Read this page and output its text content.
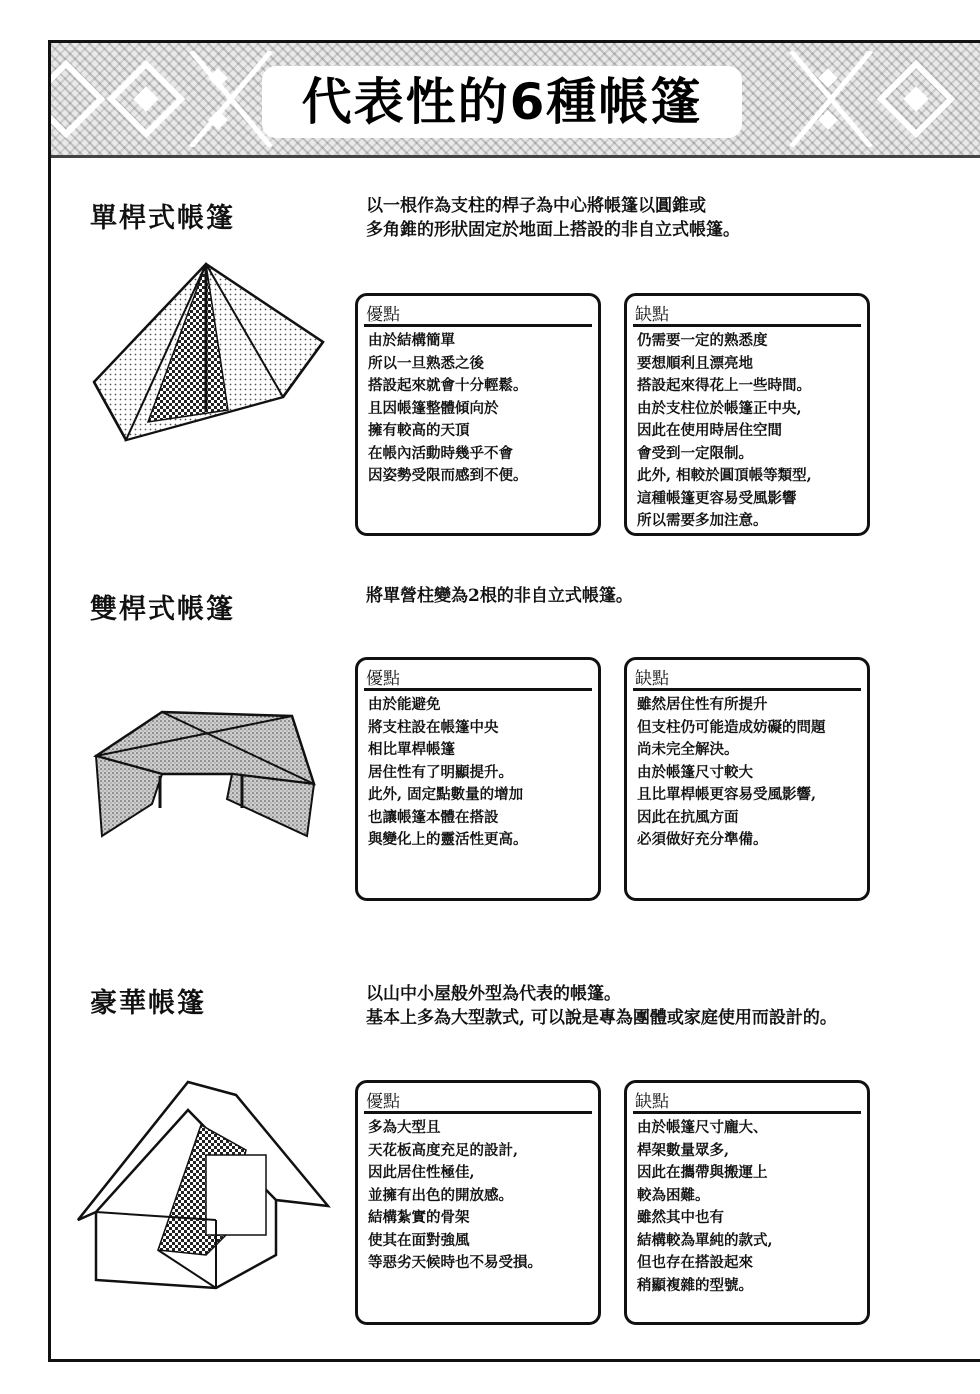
代表性的6種帳篷
單桿式帳篷	以一根作為支柱的桿子為中心將帳篷以圓錐或
多角錐的形狀固定於地面上搭設的非自立式帳篷。
優點
由於結構簡單
所以一旦熟悉之後
搭設起來就會十分輕鬆。
且因帳篷整體傾向於
擁有較高的天頂
在帳內活動時幾乎不會
因姿勢受限而感到不便。
缺點
仍需要一定的熟悉度
要想順利且漂亮地
搭設起來得花上一些時間。
由於支柱位於帳篷正中央,
因此在使用時居住空間
會受到一定限制。
此外, 相較於圓頂帳等類型,
這種帳篷更容易受風影響
所以需要多加注意。
雙桿式帳篷	將單營柱變為2根的非自立式帳篷。
優點
由於能避免
將支柱設在帳篷中央
相比單桿帳篷
居住性有了明顯提升。
此外, 固定點數量的增加
也讓帳篷本體在搭設
與變化上的靈活性更高。
缺點
雖然居住性有所提升
但支柱仍可能造成妨礙的問題
尚未完全解決。
由於帳篷尺寸較大
且比單桿帳更容易受風影響,
因此在抗風方面
必須做好充分準備。
豪華帳篷	以山中小屋般外型為代表的帳篷。
基本上多為大型款式, 可以說是專為團體或家庭使用而設計的。
優點
多為大型且
天花板高度充足的設計,
因此居住性極佳,
並擁有出色的開放感。
結構紮實的骨架
使其在面對強風
等惡劣天候時也不易受損。
缺點
由於帳篷尺寸龐大、
桿架數量眾多,
因此在攜帶與搬運上
較為困難。
雖然其中也有
結構較為單純的款式,
但也存在搭設起來
稍顯複雜的型號。
